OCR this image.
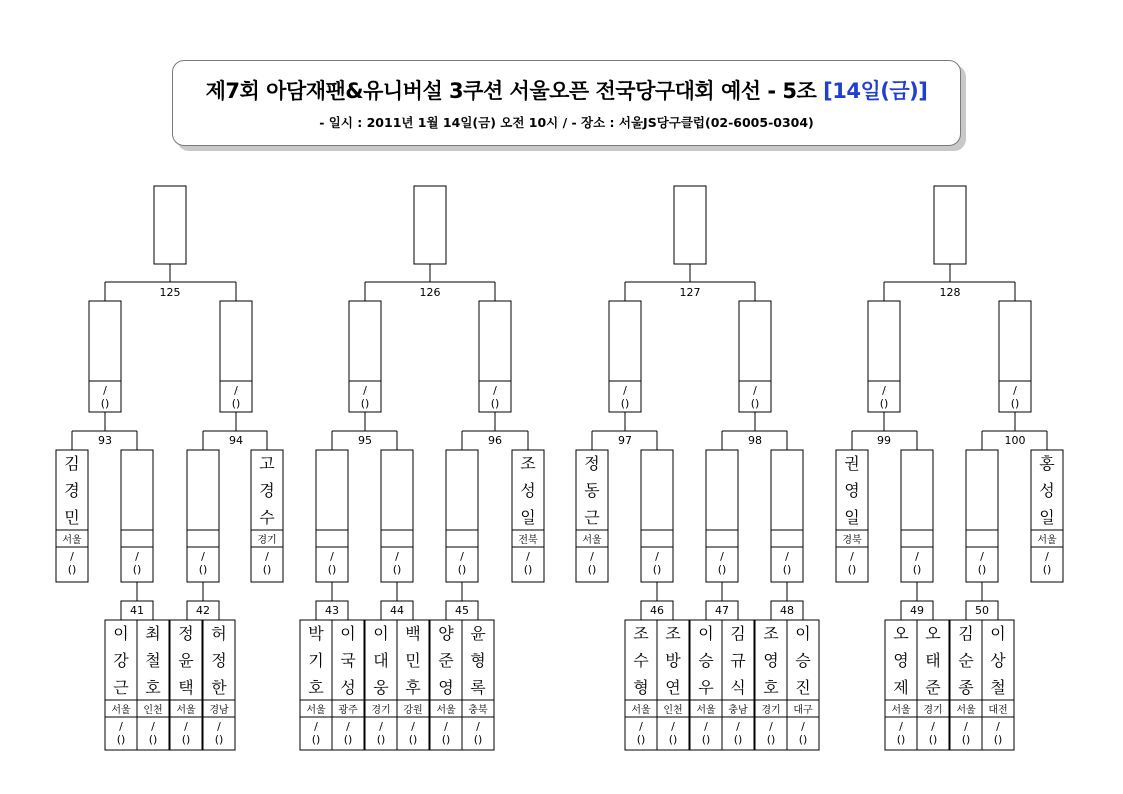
제7회 아담재팬&유니버설 3쿠션 서울오픈 전국당구대회 예선 - 5조 [14일(금)]
- 일시 : 2011년 1월 14일(금) 오전 10시 / - 장소 : 서울JS당구클럽(02-6005-0304)
125
/
()
/
()
126
/
()
/
()
127
/
()
/
()
128
/
()
/
()
93
김
경
민
서울
/
()
/
()
94
/
()
고
경
수
경기
/
()
95
/
()
/
()
96
/
()
조
성
일
전북
/
()
97
정
동
근
서울
/
()
/
()
98
/
()
/
()
99
권
영
일
경북
/
()
/
()
100
/
()
홍
성
일
서울
/
()
41
이
강
근
서울
/
()
최
철
호
인천
/
()
42
정
윤
택
서울
/
()
허
정
한
경남
/
()
43
박
기
호
서울
/
()
이
국
성
광주
/
()
44
이
대
웅
경기
/
()
백
민
후
강원
/
()
45
양
준
영
서울
/
()
윤
형
록
충북
/
()
46
조
수
형
서울
/
()
조
방
연
인천
/
()
47
이
승
우
서울
/
()
김
규
식
충남
/
()
48
조
영
호
경기
/
()
이
승
진
대구
/
()
49
오
영
제
서울
/
()
오
태
준
경기
/
()
50
김
순
종
서울
/
()
이
상
철
대전
/
()
